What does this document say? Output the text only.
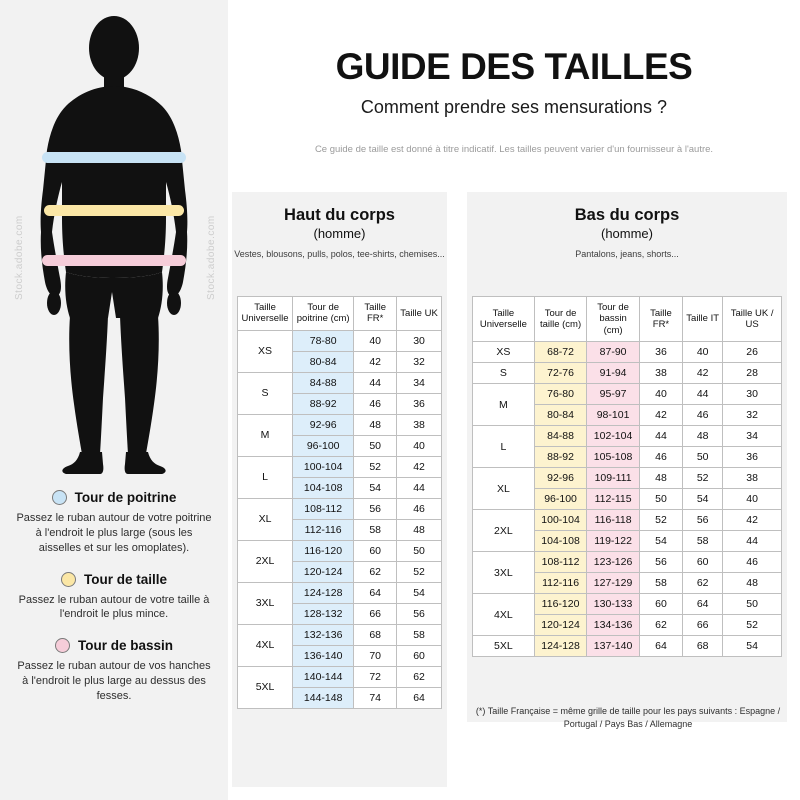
Stock.adobe.com	Stock.adobe.com
Tour de poitrine
Passez le ruban autour de votre poitrine à l'endroit le plus large (sous les aisselles et sur les omoplates).
Tour de taille
Passez le ruban autour de votre taille à l'endroit le plus mince.
Tour de bassin
Passez le ruban autour de vos hanches à l'endroit le plus large au dessus des fesses.
GUIDE DES TAILLES
Comment prendre ses mensurations ?
Ce guide de taille est donné à titre indicatif. Les tailles peuvent varier d'un fournisseur à l'autre.
Haut du corps
(homme)
Vestes, blousons, pulls, polos, tee-shirts, chemises...
Taille Universelle	Tour de poitrine (cm)	Taille FR*	Taille UK
XS	78-80	40	30
	80-84	42	32
S	84-88	44	34
	88-92	46	36
M	92-96	48	38
	96-100	50	40
L	100-104	52	42
	104-108	54	44
XL	108-112	56	46
	112-116	58	48
2XL	116-120	60	50
	120-124	62	52
3XL	124-128	64	54
	128-132	66	56
4XL	132-136	68	58
	136-140	70	60
5XL	140-144	72	62
	144-148	74	64
Bas du corps
(homme)
Pantalons, jeans, shorts...
Taille Universelle	Tour de taille (cm)	Tour de bassin (cm)	Taille FR*	Taille IT	Taille UK / US
XS	68-72	87-90	36	40	26
S	72-76	91-94	38	42	28
M	76-80	95-97	40	44	30
	80-84	98-101	42	46	32
L	84-88	102-104	44	48	34
	88-92	105-108	46	50	36
XL	92-96	109-111	48	52	38
	96-100	112-115	50	54	40
2XL	100-104	116-118	52	56	42
	104-108	119-122	54	58	44
3XL	108-112	123-126	56	60	46
	112-116	127-129	58	62	48
4XL	116-120	130-133	60	64	50
	120-124	134-136	62	66	52
5XL	124-128	137-140	64	68	54
(*) Taille Française = même grille de taille pour les pays suivants : Espagne / Portugal / Pays Bas / Allemagne
